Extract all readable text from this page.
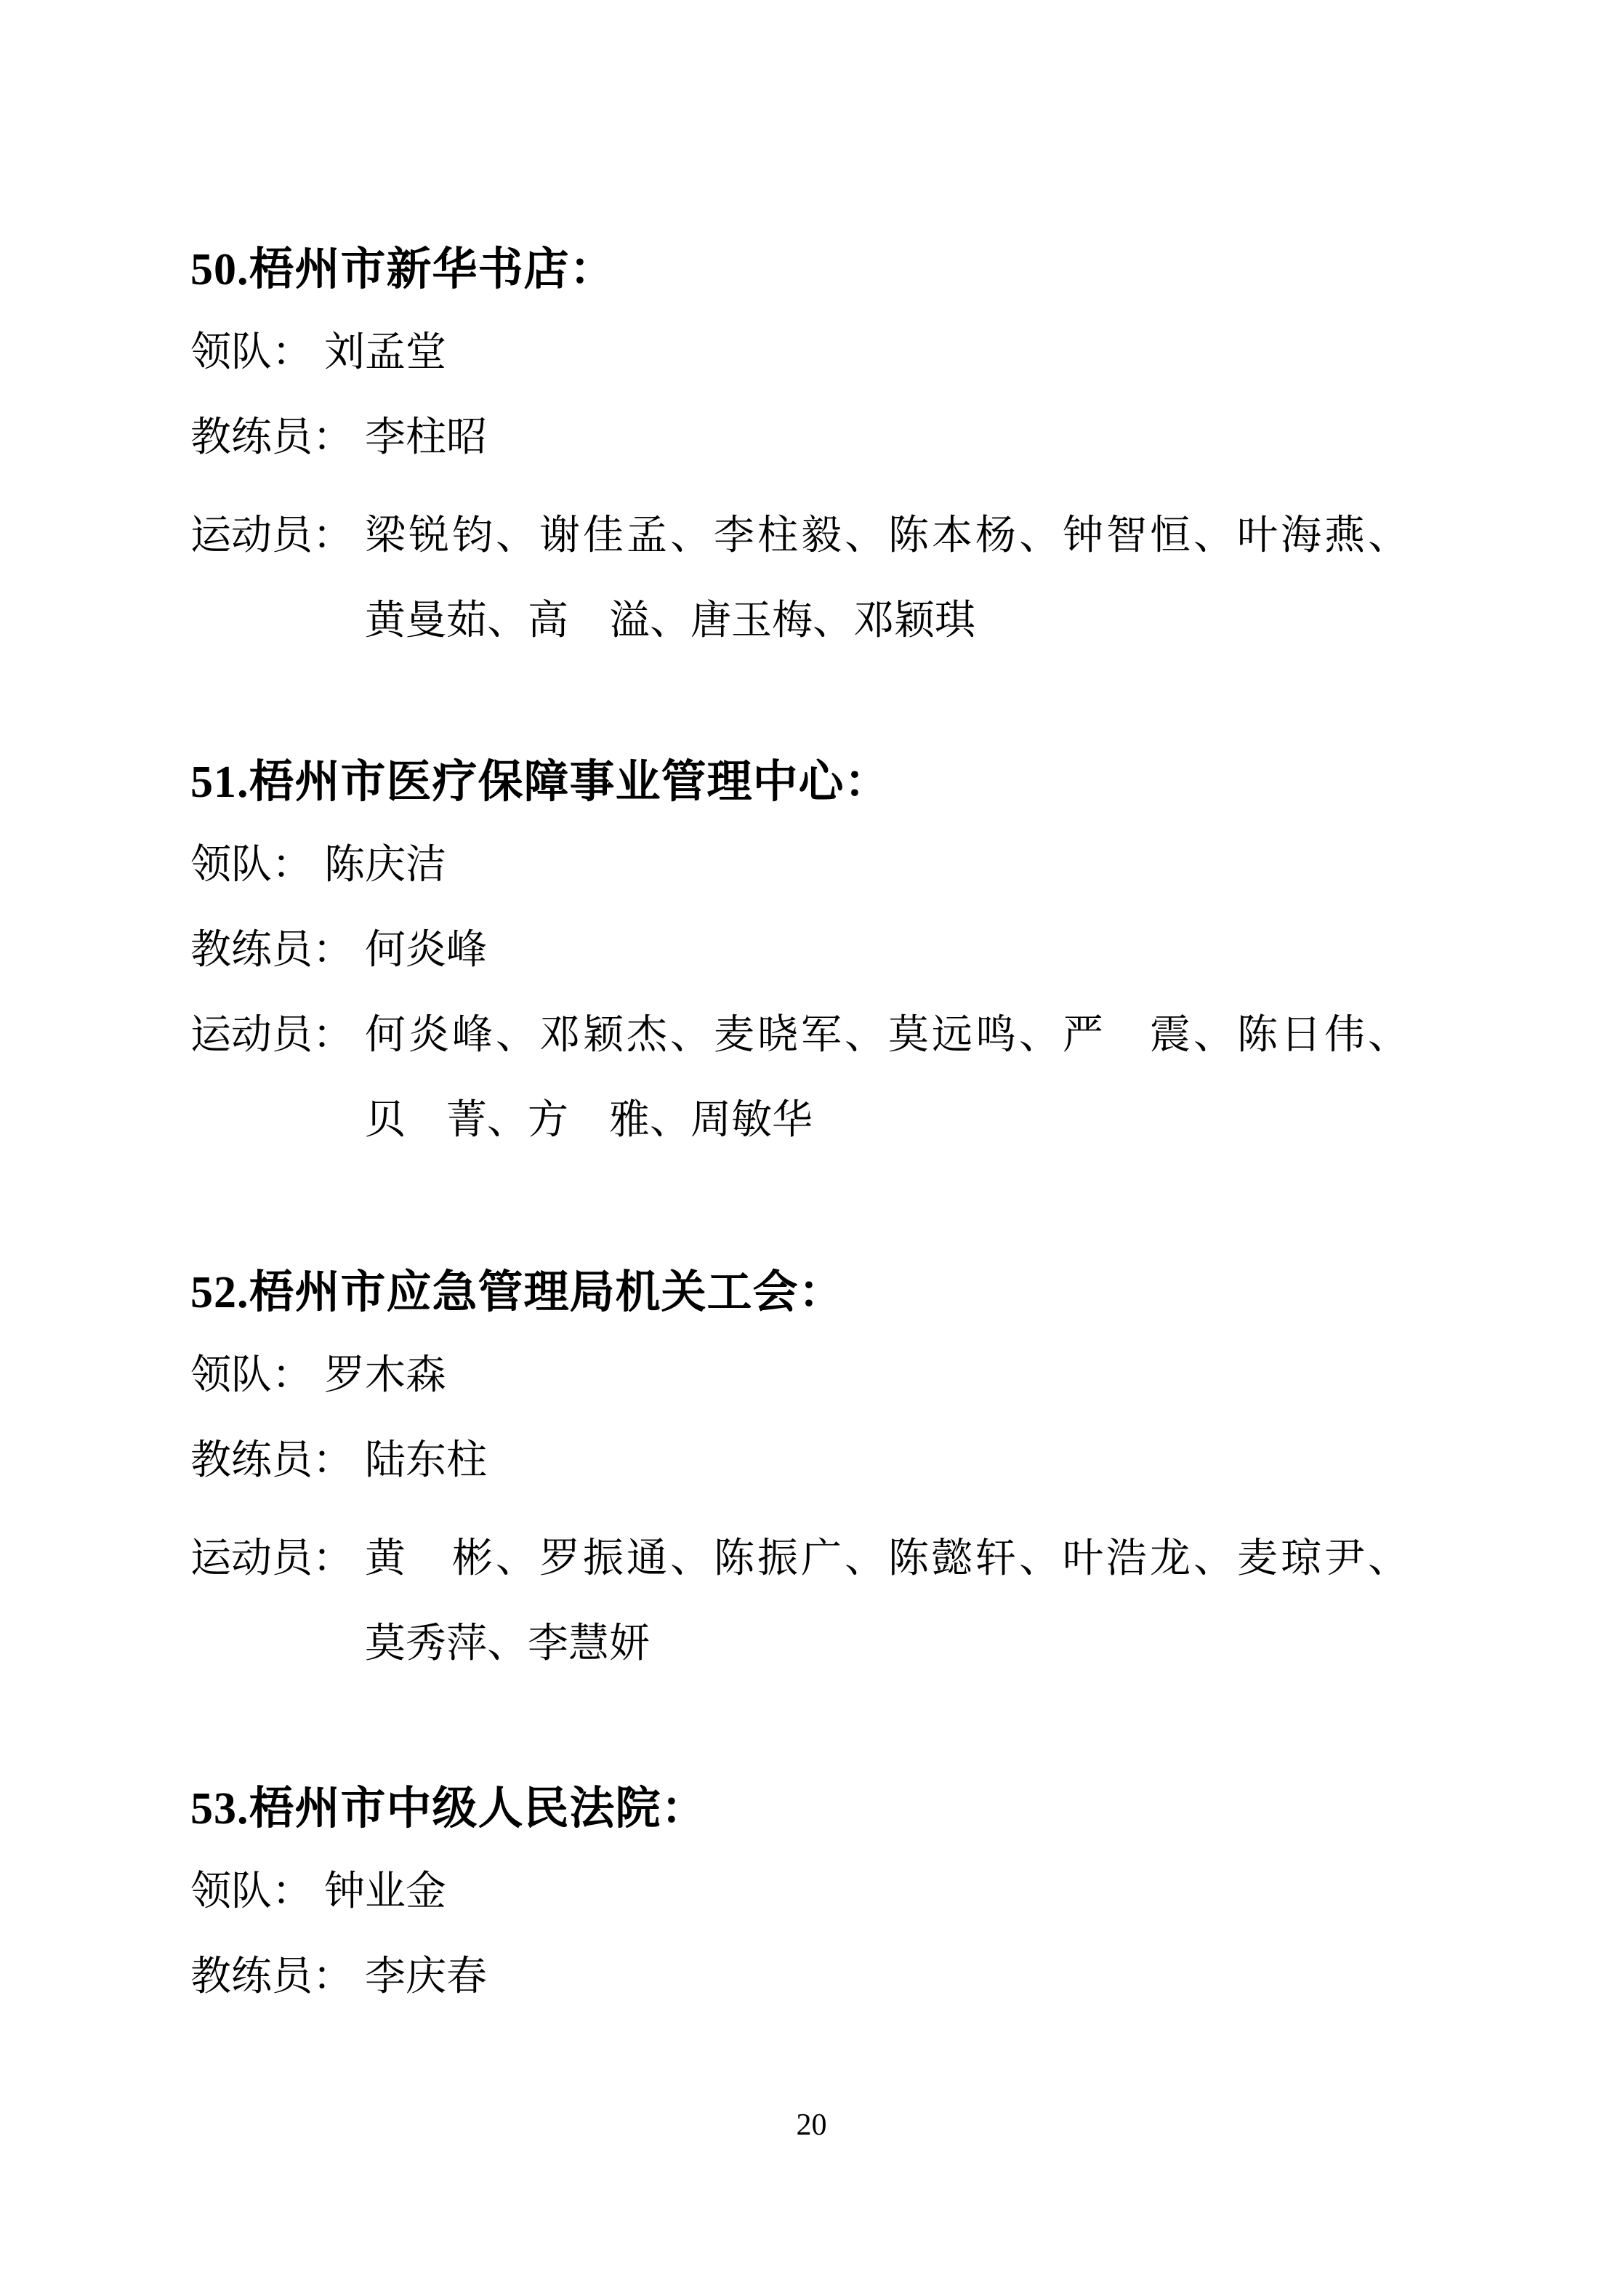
50.梧州市新华书店：

领队： 刘孟堂

教练员： 李柱昭

运动员： 梁锐钧、谢佳孟、李柱毅、陈本杨、钟智恒、叶海燕、

黄曼茹、高　溢、唐玉梅、邓颖琪

51.梧州市医疗保障事业管理中心：

领队： 陈庆洁

教练员： 何炎峰

运动员： 何炎峰、邓颖杰、麦晓军、莫远鸣、严　震、陈日伟、

贝　菁、方　雅、周敏华

52.梧州市应急管理局机关工会：

领队： 罗木森

教练员： 陆东柱

运动员： 黄　彬、罗振通、陈振广、陈懿轩、叶浩龙、麦琼尹、

莫秀萍、李慧妍

53.梧州市中级人民法院：

领队： 钟业金

教练员： 李庆春

20
